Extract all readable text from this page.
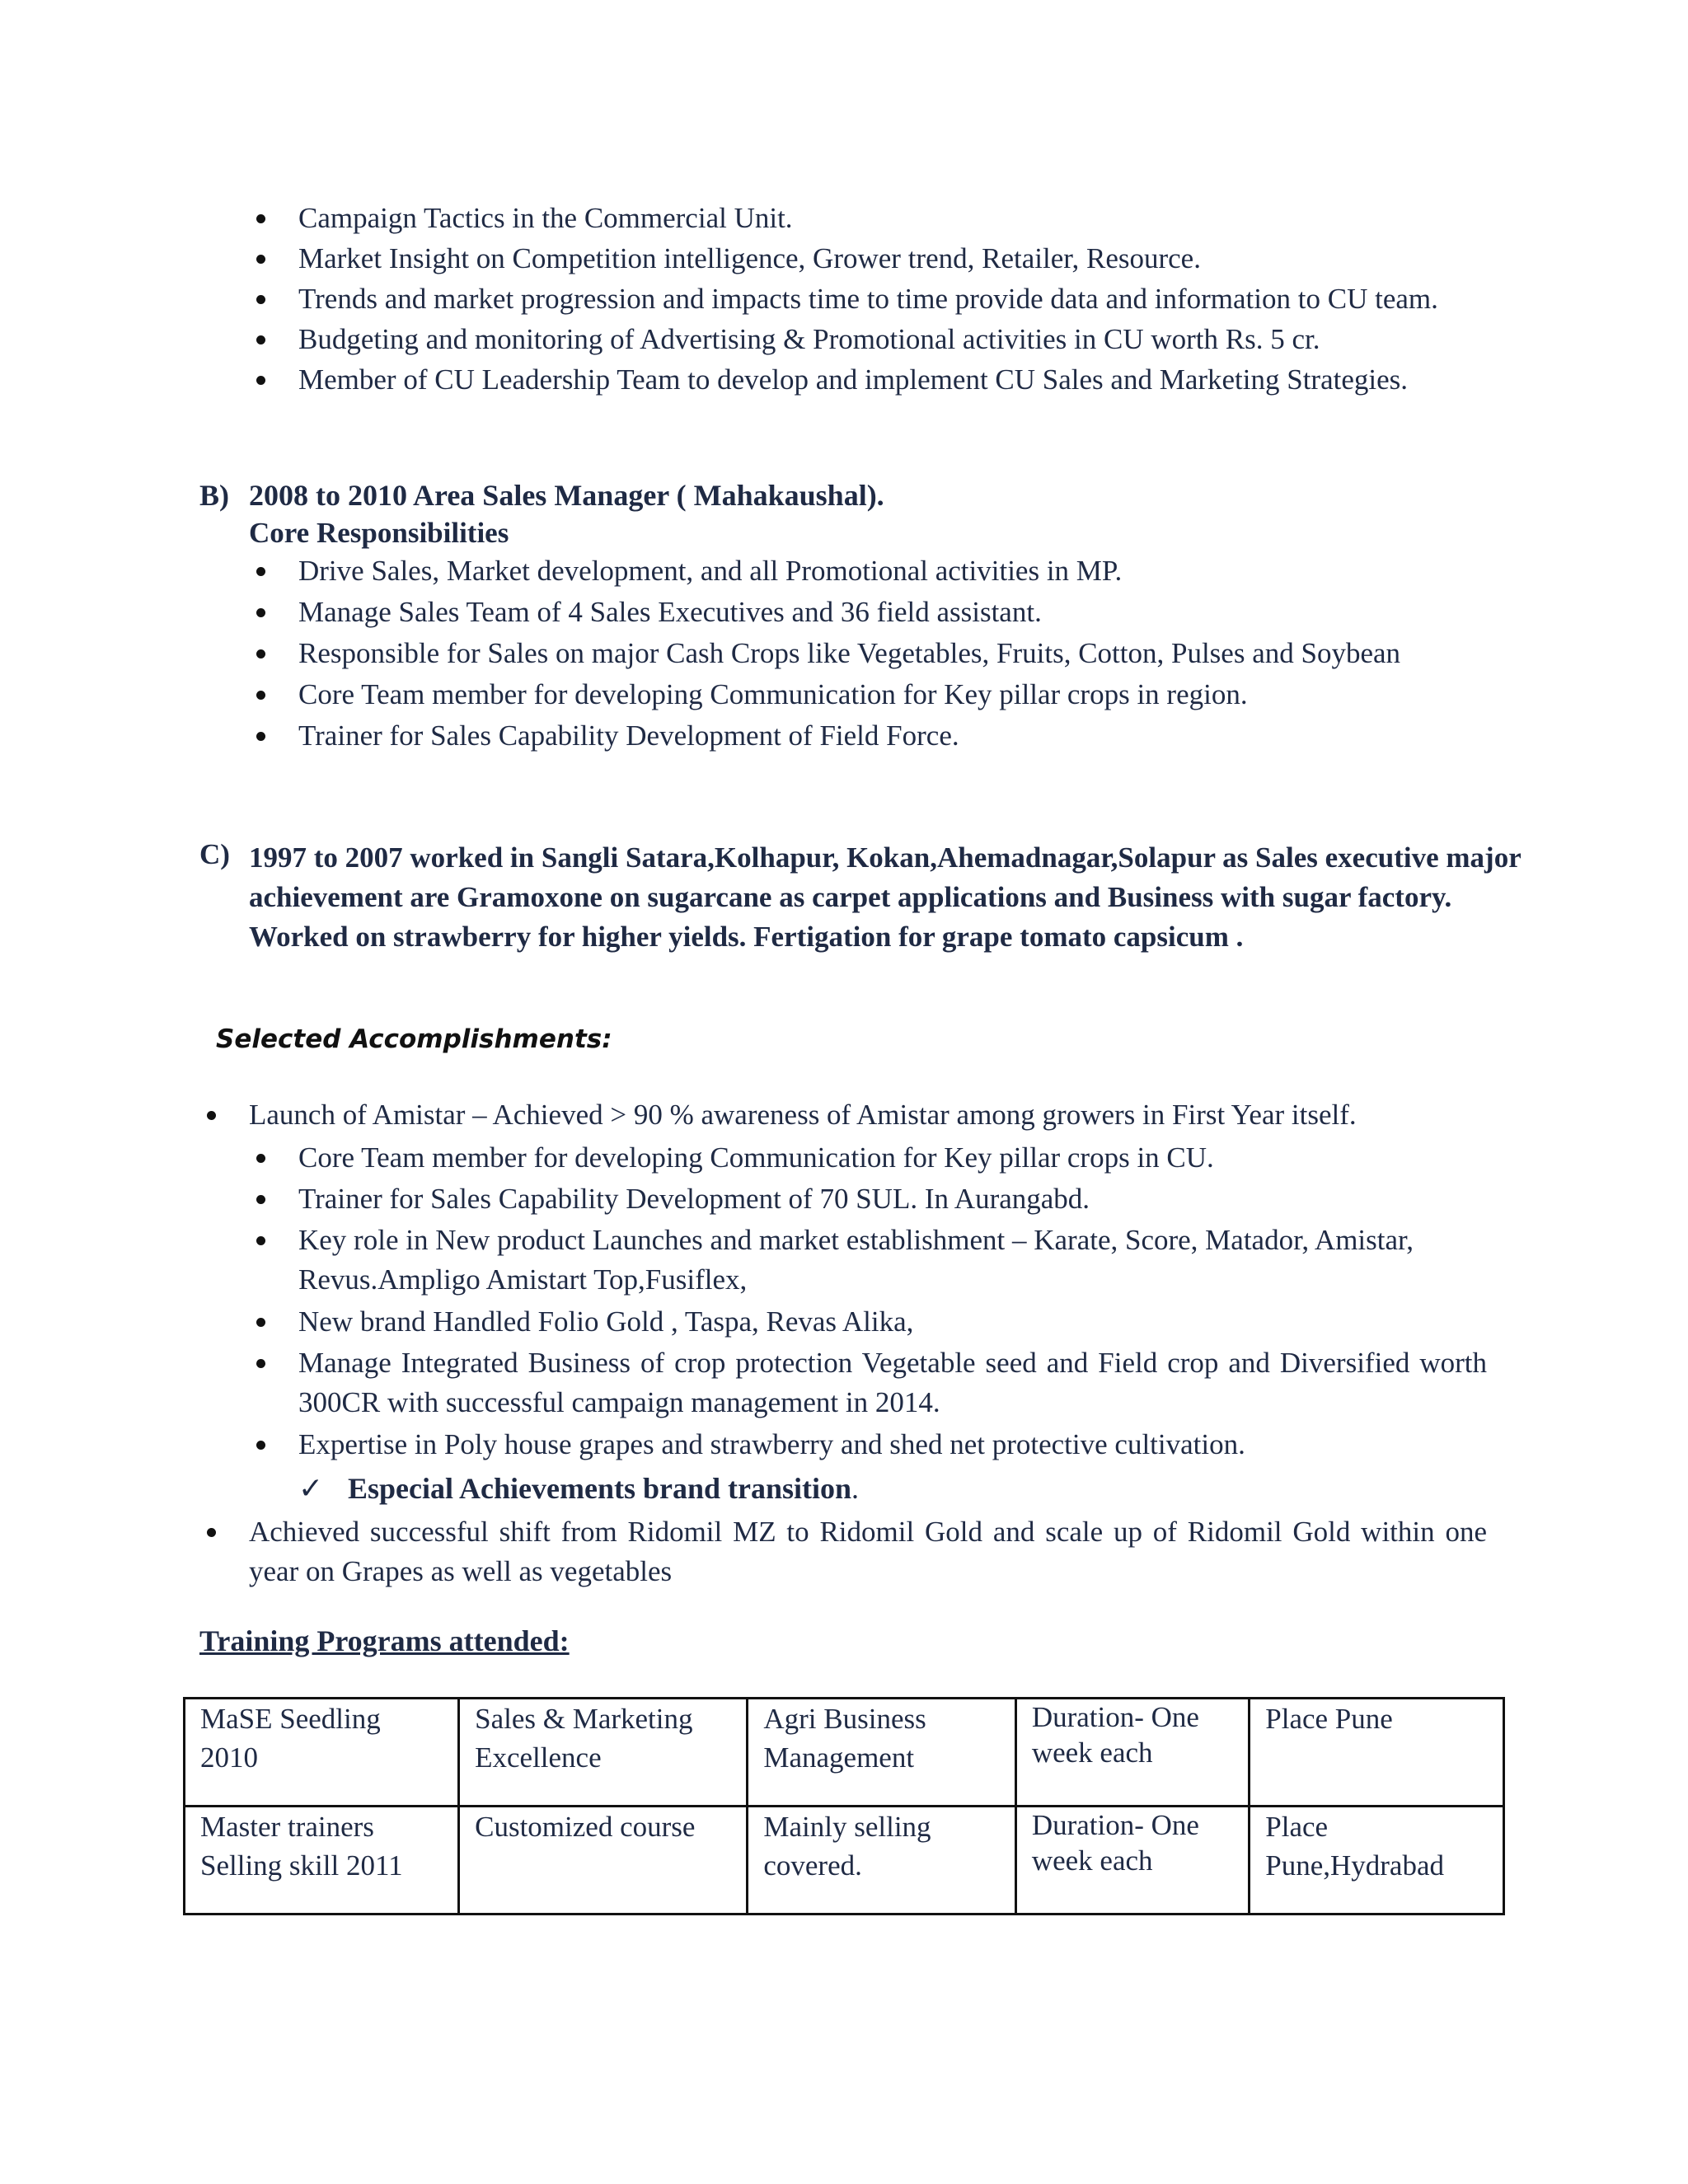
Campaign Tactics in the Commercial Unit.
Market Insight on Competition intelligence, Grower trend, Retailer, Resource.
Trends and market progression and impacts time to time provide data and information to CU team.
Budgeting and monitoring of Advertising & Promotional activities in CU worth Rs. 5 cr.
Member of CU Leadership Team to develop and implement CU Sales and Marketing Strategies.
B) 2008 to 2010 Area Sales Manager ( Mahakaushal).
Core Responsibilities
Drive Sales, Market development, and all Promotional activities in MP.
Manage Sales Team of 4 Sales Executives and 36 field assistant.
Responsible for Sales on major Cash Crops like Vegetables, Fruits, Cotton, Pulses and Soybean
Core Team member for developing Communication for Key pillar crops in region.
Trainer for Sales Capability Development of Field Force.
C) 1997 to 2007 worked in Sangli Satara,Kolhapur, Kokan,Ahemadnagar,Solapur as Sales executive major achievement are Gramoxone on sugarcane as carpet applications and Business with sugar factory. Worked on strawberry for higher yields. Fertigation for grape tomato capsicum .
Selected Accomplishments:
Launch of Amistar – Achieved > 90 % awareness of Amistar among growers in First Year itself.
Core Team member for developing Communication for Key pillar crops in CU.
Trainer for Sales Capability Development of 70 SUL. In Aurangabd.
Key role in New product Launches and market establishment – Karate, Score, Matador, Amistar, Revus.Ampligo Amistart Top,Fusiflex,
New brand Handled Folio Gold , Taspa, Revas Alika,
Manage Integrated Business of crop protection Vegetable seed and Field crop and Diversified worth 300CR with successful campaign management in 2014.
Expertise in Poly house grapes and strawberry and shed net protective cultivation.
✓ Especial Achievements brand transition.
Achieved successful shift from Ridomil MZ to Ridomil Gold and scale up of Ridomil Gold within one year on Grapes as well as vegetables
Training Programs attended:
MaSE Seedling 2010	Sales & Marketing Excellence	Agri Business Management	Duration- One week each	Place Pune
Master trainers Selling skill 2011	Customized course	Mainly selling covered.	Duration- One week each	Place Pune,Hydrabad
